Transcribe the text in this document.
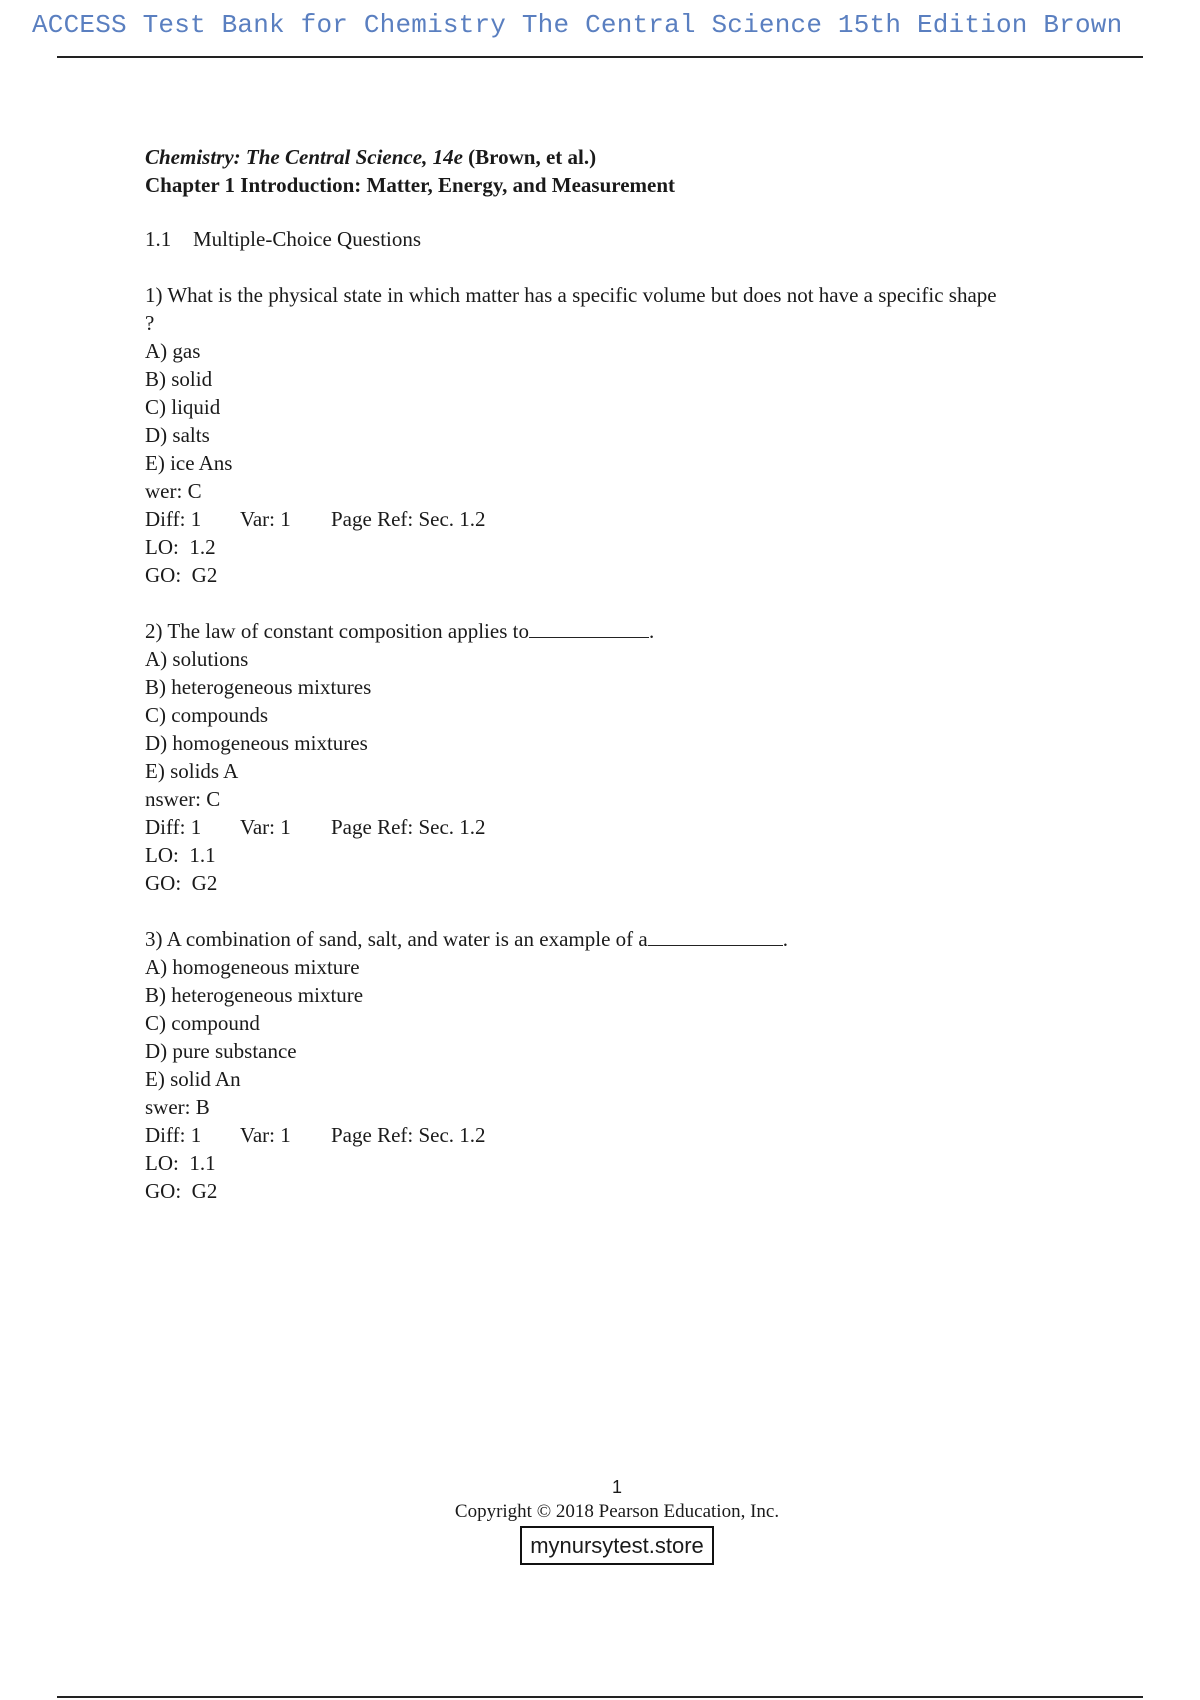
ACCESS Test Bank for Chemistry The Central Science 15th Edition Brown

Chemistry: The Central Science, 14e (Brown, et al.)

Chapter 1 Introduction: Matter, Energy, and Measurement

1.1 Multiple-Choice Questions

1) What is the physical state in which matter has a specific volume but does not have a specific shape

?

A) gas

B) solid

C) liquid

D) salts

E) ice Ans

wer: C

Diff: 1	Var: 1	Page Ref: Sec. 1.2

LO:  1.2

GO:  G2

2) The law of constant composition applies to	.

A) solutions

B) heterogeneous mixtures

C) compounds

D) homogeneous mixtures

E) solids A

nswer: C

Diff: 1	Var: 1	Page Ref: Sec. 1.2

LO:  1.1

GO:  G2

3) A combination of sand, salt, and water is an example of a	.

A) homogeneous mixture

B) heterogeneous mixture

C) compound

D) pure substance

E) solid An

swer: B

Diff: 1	Var: 1	Page Ref: Sec. 1.2

LO:  1.1

GO:  G2

1
Copyright © 2018 Pearson Education, Inc.
mynursytest.store
